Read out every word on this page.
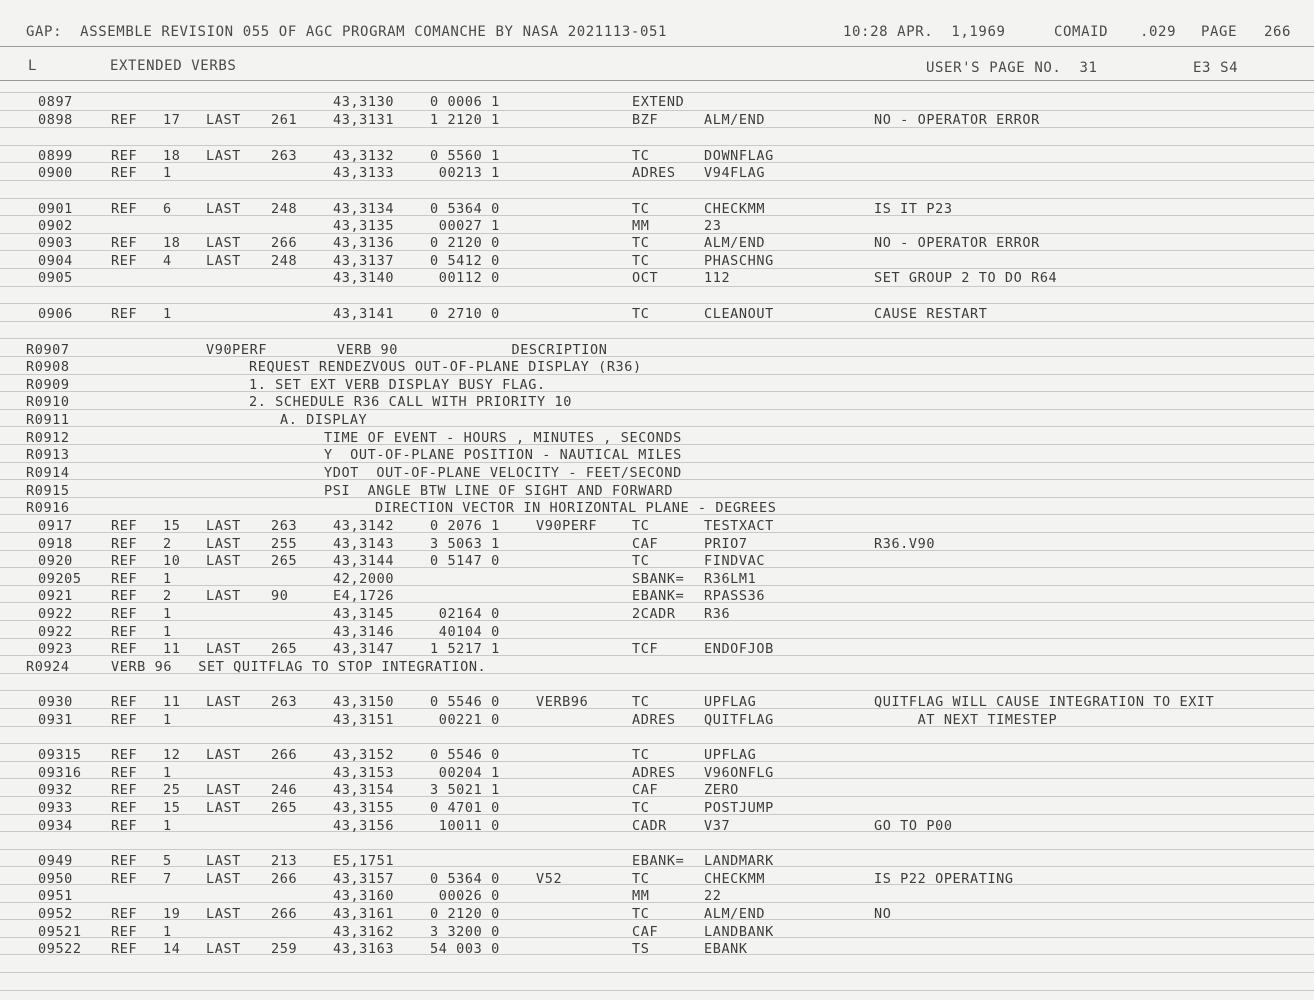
GAP:  ASSEMBLE REVISION 055 OF AGC PROGRAM COMANCHE BY NASA 2021113-051	10:28 APR.  1,1969	COMAID .029 PAGE 266
L	EXTENDED VERBS	USER'S PAGE NO.  31	E3 S4
0897	43,3130	0 0006 1	EXTEND
0898	REF 17 LAST 261	43,3131	1 2120 1	BZF	ALM/END	NO - OPERATOR ERROR
0899	REF 18 LAST 263	43,3132	0 5560 1	TC	DOWNFLAG
0900	REF 1	43,3133	00213 1	ADRES V94FLAG
0901	REF 6	LAST 248	43,3134	0 5364 0	TC	CHECKMM	IS IT P23
0902	43,3135	00027 1	MM	23
0903	REF 18 LAST 266	43,3136	0 2120 0	TC	ALM/END	NO - OPERATOR ERROR
0904	REF 4	LAST 248	43,3137	0 5412 0	TC	PHASCHNG
0905	43,3140	00112 0	OCT	112	SET GROUP 2 TO DO R64
0906	REF 1	43,3141	0 2710 0	TC	CLEANOUT	CAUSE RESTART
R0907	V90PERF        VERB 90             DESCRIPTION
R0908	REQUEST RENDEZVOUS OUT-OF-PLANE DISPLAY (R36)
R0909	1. SET EXT VERB DISPLAY BUSY FLAG.
R0910	2. SCHEDULE R36 CALL WITH PRIORITY 10
R0911	A. DISPLAY
R0912	TIME OF EVENT - HOURS , MINUTES , SECONDS
R0913	Y  OUT-OF-PLANE POSITION - NAUTICAL MILES
R0914	YDOT  OUT-OF-PLANE VELOCITY - FEET/SECOND
R0915	PSI  ANGLE BTW LINE OF SIGHT AND FORWARD
R0916	DIRECTION VECTOR IN HORIZONTAL PLANE - DEGREES
0917	REF 15 LAST 263	43,3142	0 2076 1	V90PERF	TC	TESTXACT
0918	REF 2	LAST 255	43,3143	3 5063 1	CAF	PRIO7	R36.V90
0920	REF 10 LAST 265	43,3144	0 5147 0	TC	FINDVAC
09205 REF 1	42,2000	SBANK= R36LM1
0921	REF 2	LAST 90	E4,1726	EBANK= RPASS36
0922	REF 1	43,3145	02164 0	2CADR R36
0922	REF 1	43,3146	40104 0
0923	REF 11 LAST 265	43,3147	1 5217 1	TCF	ENDOFJOB
R0924	VERB 96   SET QUITFLAG TO STOP INTEGRATION.
0930	REF 11 LAST 263	43,3150	0 5546 0	VERB96	TC	UPFLAG	QUITFLAG WILL CAUSE INTEGRATION TO EXIT
0931	REF 1	43,3151	00221 0	ADRES QUITFLAG	AT NEXT TIMESTEP
09315 REF 12 LAST 266	43,3152	0 5546 0	TC	UPFLAG
09316 REF 1	43,3153	00204 1	ADRES V96ONFLG
0932	REF 25 LAST 246	43,3154	3 5021 1	CAF	ZERO
0933	REF 15 LAST 265	43,3155	0 4701 0	TC	POSTJUMP
0934	REF 1	43,3156	10011 0	CADR	V37	GO TO P00
0949	REF 5	LAST 213	E5,1751	EBANK= LANDMARK
0950	REF 7	LAST 266	43,3157	0 5364 0	V52	TC	CHECKMM	IS P22 OPERATING
0951	43,3160	00026 0	MM	22
0952	REF 19 LAST 266	43,3161	0 2120 0	TC	ALM/END	NO
09521 REF 1	43,3162	3 3200 0	CAF	LANDBANK
09522 REF 14 LAST 259	43,3163	54 003 0	TS	EBANK
